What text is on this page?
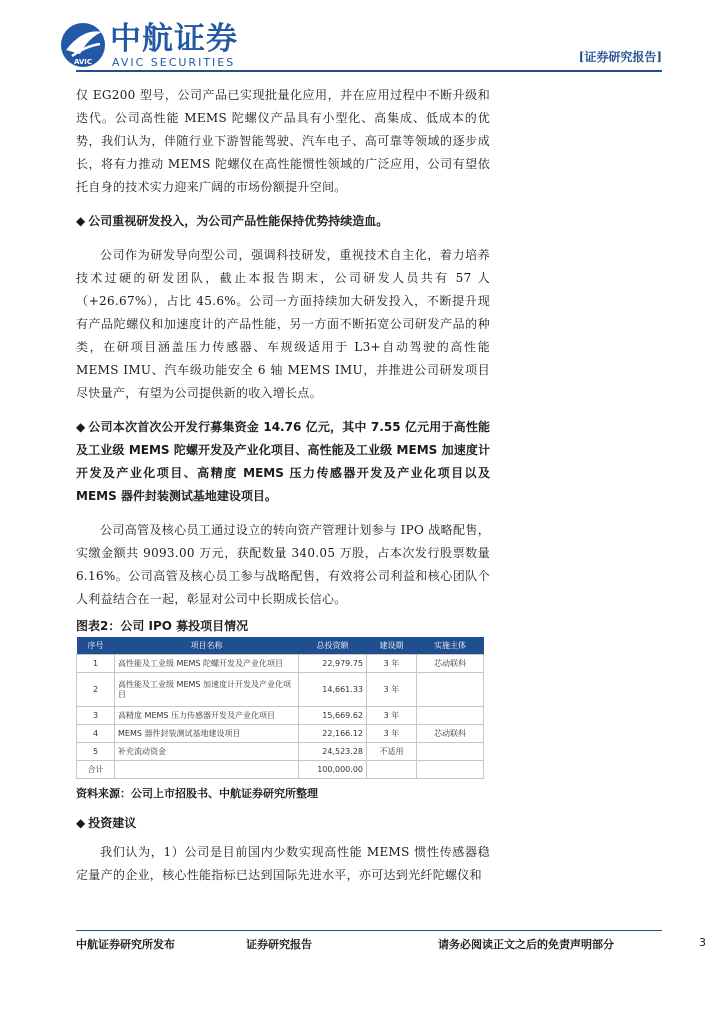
AVIC
中航证券
AVIC SECURITIES	[证券研究报告]

仅 EG200 型号，公司产品已实现批量化应用，并在应用过程中不断升级和迭代。公司高性能 MEMS 陀螺仪产品具有小型化、高集成、低成本的优势，我们认为，伴随行业下游智能驾驶、汽车电子、高可靠等领域的逐步成长，将有力推动 MEMS 陀螺仪在高性能惯性领域的广泛应用，公司有望依托自身的技术实力迎来广阔的市场份额提升空间。

◆ 公司重视研发投入，为公司产品性能保持优势持续造血。

公司作为研发导向型公司，强调科技研发，重视技术自主化，着力培养技术过硬的研发团队，截止本报告期末，公司研发人员共有 57 人（+26.67%），占比 45.6%。公司一方面持续加大研发投入，不断提升现有产品陀螺仪和加速度计的产品性能，另一方面不断拓宽公司研发产品的种类，在研项目涵盖压力传感器、车规级适用于 L3+自动驾驶的高性能 MEMS IMU、汽车级功能安全 6 轴 MEMS IMU，并推进公司研发项目尽快量产，有望为公司提供新的收入增长点。

◆ 公司本次首次公开发行募集资金 14.76 亿元，其中 7.55 亿元用于高性能及工业级 MEMS 陀螺开发及产业化项目、高性能及工业级 MEMS 加速度计开发及产业化项目、高精度 MEMS 压力传感器开发及产业化项目以及 MEMS 器件封装测试基地建设项目。

公司高管及核心员工通过设立的转向资产管理计划参与 IPO 战略配售，实缴金额共 9093.00 万元，获配数量 340.05 万股，占本次发行股票数量 6.16%。公司高管及核心员工参与战略配售，有效将公司利益和核心团队个人利益结合在一起，彰显对公司中长期成长信心。

图表2：公司 IPO 募投项目情况

序号	项目名称	总投资额	建设期	实施主体
1	高性能及工业级 MEMS 陀螺开发及产业化项目	22,979.75	3 年	芯动联科
2	高性能及工业级 MEMS 加速度计开发及产业化项目	14,661.33	3 年	
3	高精度 MEMS 压力传感器开发及产业化项目	15,669.62	3 年	
4	MEMS 器件封装测试基地建设项目	22,166.12	3 年	芯动联科
5	补充流动资金	24,523.28	不适用	
合计		100,000.00		

资料来源：公司上市招股书、中航证券研究所整理

◆ 投资建议

我们认为，1）公司是目前国内少数实现高性能 MEMS 惯性传感器稳定量产的企业，核心性能指标已达到国际先进水平，亦可达到光纤陀螺仪和

中航证券研究所发布	证券研究报告	请务必阅读正文之后的免责声明部分	3
